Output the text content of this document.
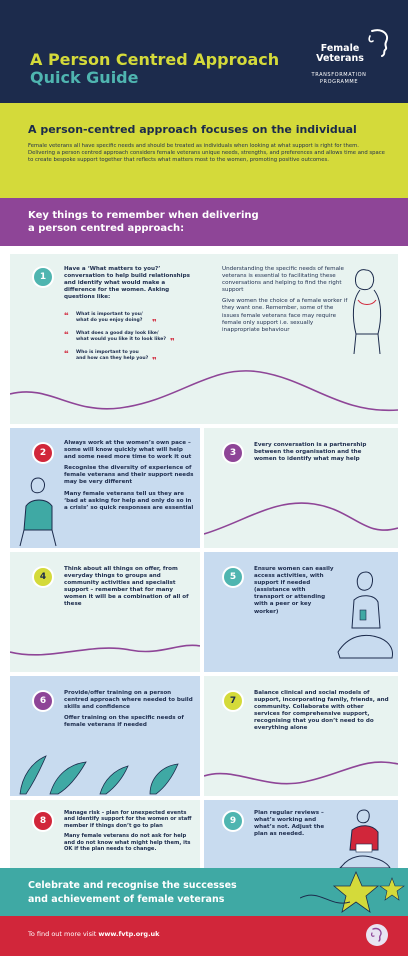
A Person Centred Approach
Quick Guide
Female
Veterans
TRANSFORMATION
PROGRAMME
A person-centred approach focuses on the individual

Female veterans all have specific needs and should be treated as individuals when looking at what support is right for them. Delivering a person centred approach considers female veterans unique needs, strengths, and preferences and allows time and space to create bespoke support together that reflects what matters most to the women, promoting positive outcomes.

Key things to remember when delivering
a person centred approach:
1
Have a ‘What matters to you?’ conversation to help build relationships and identify what would make a difference for the women. Asking questions like:
❝ What is important to you/
what do you enjoy doing?	❞
❝ What does a good day look like/
what would you like it to look like? ❞
❝ Who is important to you
and how can they help you? ❞

Understanding the specific needs of female veterans is essential to facilitating these conversations and helping to find the right support

Give women the choice of a female worker if they want one. Remember, some of the issues female veterans face may require female only support i.e. sexually inappropriate behaviour

2

Always work at the women’s own pace – some will know quickly what will help and some need more time to work it out

Recognise the diversity of experience of female veterans and their support needs may be very different

Many female veterans tell us they are ‘bad at asking for help and only do so in a crisis’ so quick responses are essential

3

Every conversation is a partnership between the organisation and the women to identify what may help

4

Think about all things on offer, from everyday things to groups and community activities and specialist support – remember that for many women it will be a combination of all of these

5

Ensure women can easily access activities, with support if needed (assistance with transport or attending with a peer or key worker)

6

Provide/offer training on a person centred approach where needed to build skills and confidence

Offer training on the specific needs of female veterans if needed

7

Balance clinical and social models of support, incorporating family, friends, and community. Collaborate with other services for comprehensive support, recognising that you don’t need to do everything alone

8

Manage risk – plan for unexpected events and identify support for the women or staff member if things don’t go to plan

Many female veterans do not ask for help and do not know what might help them, its OK if the plan needs to change.

9

Plan regular reviews – what’s working and what’s not. Adjust the plan as needed.

Celebrate and recognise the successes
and achievement of female veterans
To find out more visit www.fvtp.org.uk
